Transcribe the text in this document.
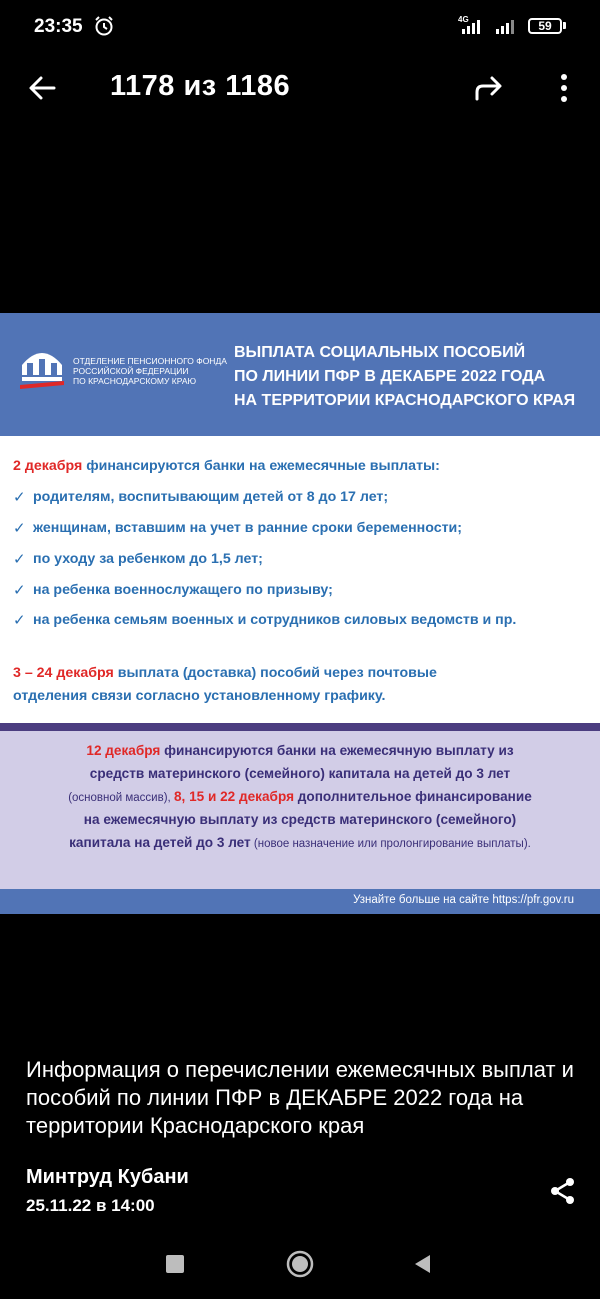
23:35	4G	59
1178 из 1186
ОТДЕЛЕНИЕ ПЕНСИОННОГО ФОНДА
РОССИЙСКОЙ ФЕДЕРАЦИИ
ПО КРАСНОДАРСКОМУ КРАЮ
ВЫПЛАТА СОЦИАЛЬНЫХ ПОСОБИЙ
ПО ЛИНИИ ПФР В ДЕКАБРЕ 2022 ГОДА
НА ТЕРРИТОРИИ КРАСНОДАРСКОГО КРАЯ
2 декабря финансируются банки на ежемесячные выплаты:
✓ родителям, воспитывающим детей от 8 до 17 лет;
✓ женщинам, вставшим на учет в ранние сроки беременности;
✓ по уходу за ребенком до 1,5 лет;
✓ на ребенка военнослужащего по призыву;
✓ на ребенка семьям военных и сотрудников силовых ведомств и пр.
3 – 24 декабря выплата (доставка) пособий через почтовые
отделения связи согласно установленному графику.
12 декабря финансируются банки на ежемесячную выплату из
средств материнского (семейного) капитала на детей до 3 лет
(основной массив), 8, 15 и 22 декабря дополнительное финансирование
на ежемесячную выплату из средств материнского (семейного)
капитала на детей до 3 лет (новое назначение или пролонгирование выплаты).
Узнайте больше на сайте https://pfr.gov.ru
Информация о перечислении ежемесячных выплат и пособий по линии ПФР в ДЕКАБРЕ 2022 года на территории Краснодарского края
Минтруд Кубани
25.11.22 в 14:00
